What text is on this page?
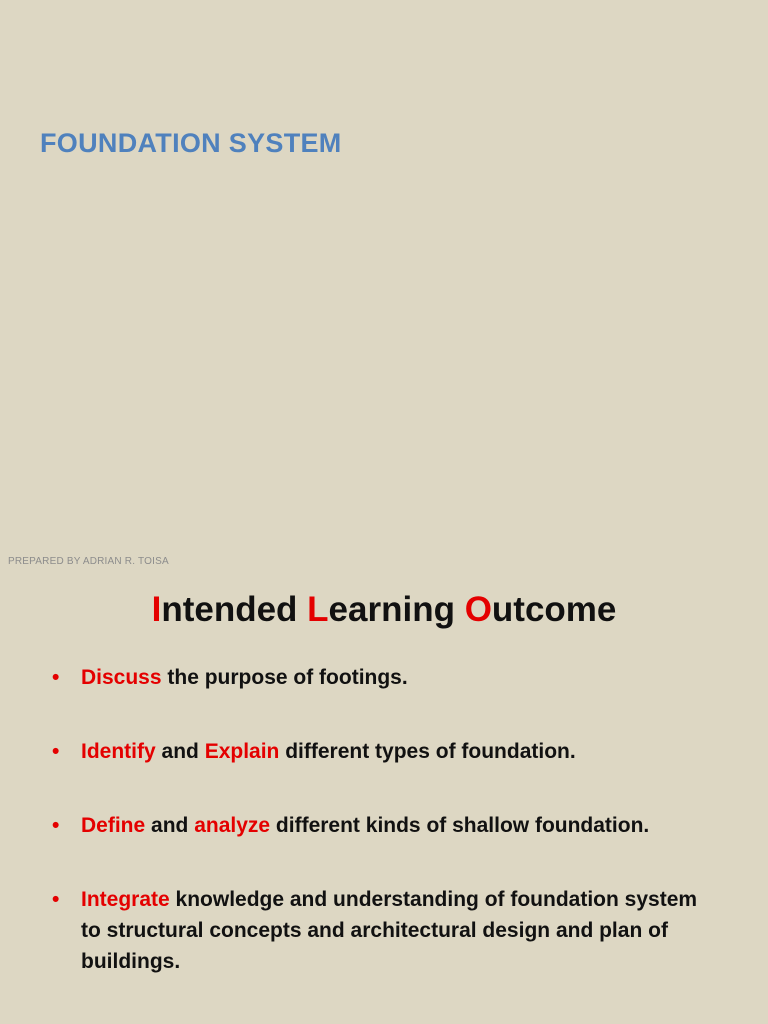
FOUNDATION SYSTEM
PREPARED BY ADRIAN R. TOISA
Intended Learning Outcome
• Discuss the purpose of footings.
• Identify and Explain different types of foundation.
• Define and analyze different kinds of shallow foundation.
• Integrate knowledge and understanding of foundation system to structural concepts and architectural design and plan of buildings.
